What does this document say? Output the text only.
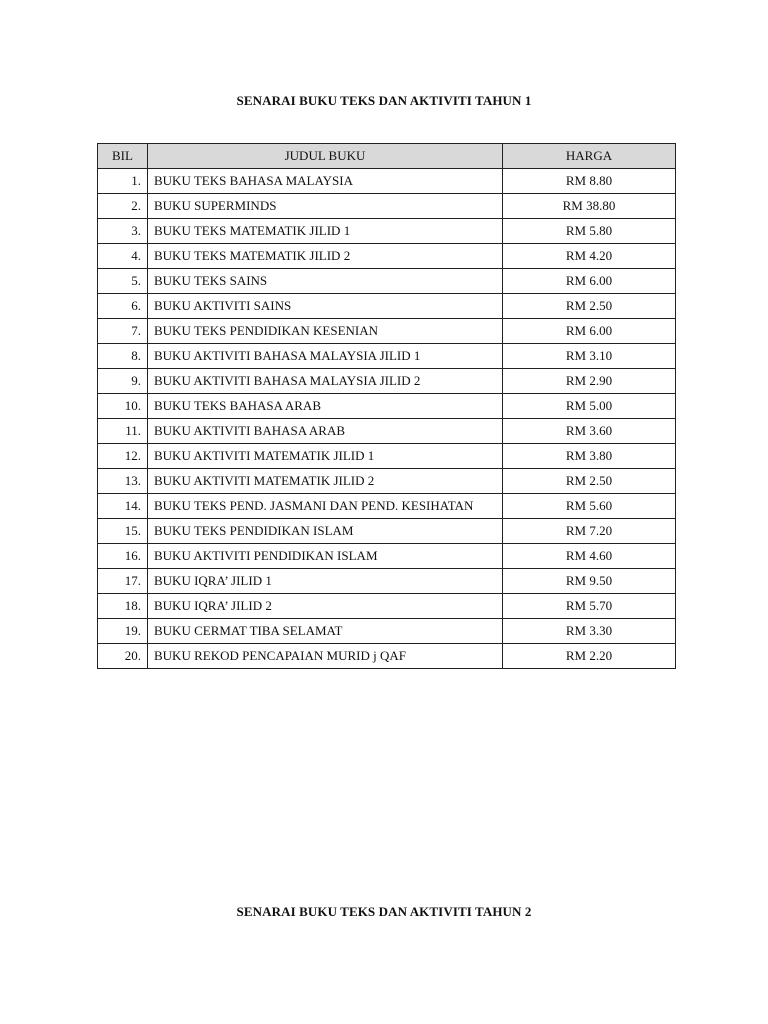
SENARAI BUKU TEKS DAN AKTIVITI TAHUN 1
BIL	JUDUL BUKU	HARGA
1.	BUKU TEKS BAHASA MALAYSIA	RM 8.80
2.	BUKU SUPERMINDS	RM 38.80
3.	BUKU TEKS MATEMATIK JILID 1	RM 5.80
4.	BUKU TEKS MATEMATIK JILID 2	RM 4.20
5.	BUKU TEKS SAINS	RM 6.00
6.	BUKU AKTIVITI SAINS	RM 2.50
7.	BUKU TEKS PENDIDIKAN KESENIAN	RM 6.00
8.	BUKU AKTIVITI BAHASA MALAYSIA JILID 1	RM 3.10
9.	BUKU AKTIVITI BAHASA MALAYSIA JILID 2	RM 2.90
10.	BUKU TEKS BAHASA ARAB	RM 5.00
11.	BUKU AKTIVITI BAHASA ARAB	RM 3.60
12.	BUKU AKTIVITI MATEMATIK JILID 1	RM 3.80
13.	BUKU AKTIVITI MATEMATIK JILID 2	RM 2.50
14.	BUKU TEKS PEND. JASMANI DAN PEND. KESIHATAN	RM 5.60
15.	BUKU TEKS PENDIDIKAN ISLAM	RM 7.20
16.	BUKU AKTIVITI PENDIDIKAN ISLAM	RM 4.60
17.	BUKU IQRA’ JILID 1	RM 9.50
18.	BUKU IQRA’ JILID 2	RM 5.70
19.	BUKU CERMAT TIBA SELAMAT	RM 3.30
20.	BUKU REKOD PENCAPAIAN MURID j QAF	RM 2.20
SENARAI BUKU TEKS DAN AKTIVITI TAHUN 2
